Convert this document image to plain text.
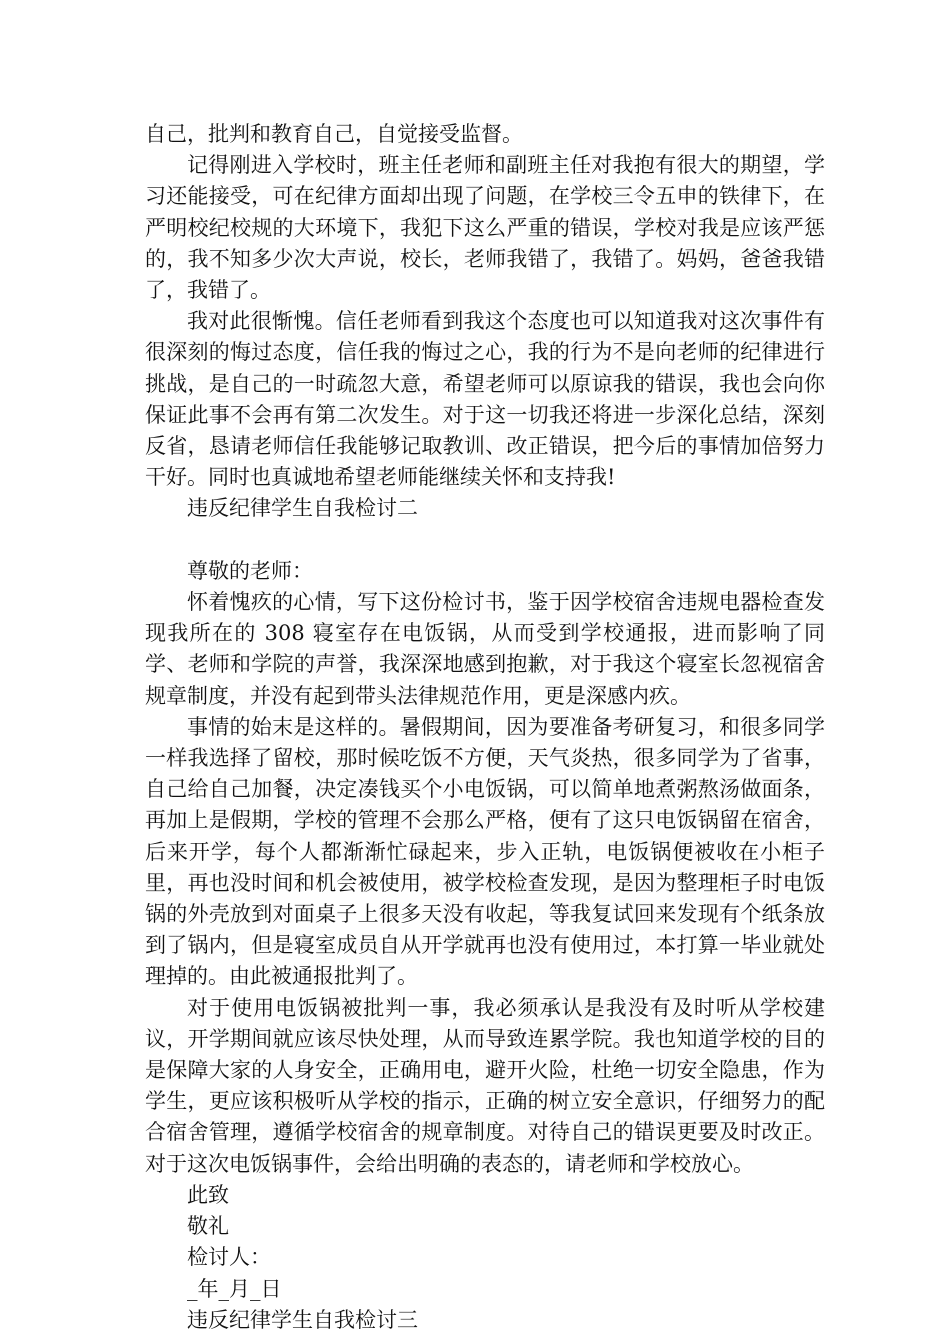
自己，批判和教育自己，自觉接受监督。

记得刚进入学校时，班主任老师和副班主任对我抱有很大的期望，学习还能接受，可在纪律方面却出现了问题，在学校三令五申的铁律下，在严明校纪校规的大环境下，我犯下这么严重的错误，学校对我是应该严惩的，我不知多少次大声说，校长，老师我错了，我错了。妈妈，爸爸我错了，我错了。

我对此很惭愧。信任老师看到我这个态度也可以知道我对这次事件有很深刻的悔过态度，信任我的悔过之心，我的行为不是向老师的纪律进行挑战，是自己的一时疏忽大意，希望老师可以原谅我的错误，我也会向你保证此事不会再有第二次发生。对于这一切我还将进一步深化总结，深刻反省，恳请老师信任我能够记取教训、改正错误，把今后的事情加倍努力干好。同时也真诚地希望老师能继续关怀和支持我!

违反纪律学生自我检讨二

尊敬的老师：

怀着愧疚的心情，写下这份检讨书，鉴于因学校宿舍违规电器检查发现我所在的 308 寝室存在电饭锅，从而受到学校通报，进而影响了同学、老师和学院的声誉，我深深地感到抱歉，对于我这个寝室长忽视宿舍规章制度，并没有起到带头法律规范作用，更是深感内疚。

事情的始末是这样的。暑假期间，因为要准备考研复习，和很多同学一样我选择了留校，那时候吃饭不方便，天气炎热，很多同学为了省事，自己给自己加餐，决定凑钱买个小电饭锅，可以简单地煮粥熬汤做面条，再加上是假期，学校的管理不会那么严格，便有了这只电饭锅留在宿舍，后来开学，每个人都渐渐忙碌起来，步入正轨，电饭锅便被收在小柜子里，再也没时间和机会被使用，被学校检查发现，是因为整理柜子时电饭锅的外壳放到对面桌子上很多天没有收起，等我复试回来发现有个纸条放到了锅内，但是寝室成员自从开学就再也没有使用过，本打算一毕业就处理掉的。由此被通报批判了。

对于使用电饭锅被批判一事，我必须承认是我没有及时听从学校建议，开学期间就应该尽快处理，从而导致连累学院。我也知道学校的目的是保障大家的人身安全，正确用电，避开火险，杜绝一切安全隐患，作为学生，更应该积极听从学校的指示，正确的树立安全意识，仔细努力的配合宿舍管理，遵循学校宿舍的规章制度。对待自己的错误更要及时改正。对于这次电饭锅事件，会给出明确的表态的，请老师和学校放心。

此致

敬礼

检讨人：

_年_月_日

违反纪律学生自我检讨三
